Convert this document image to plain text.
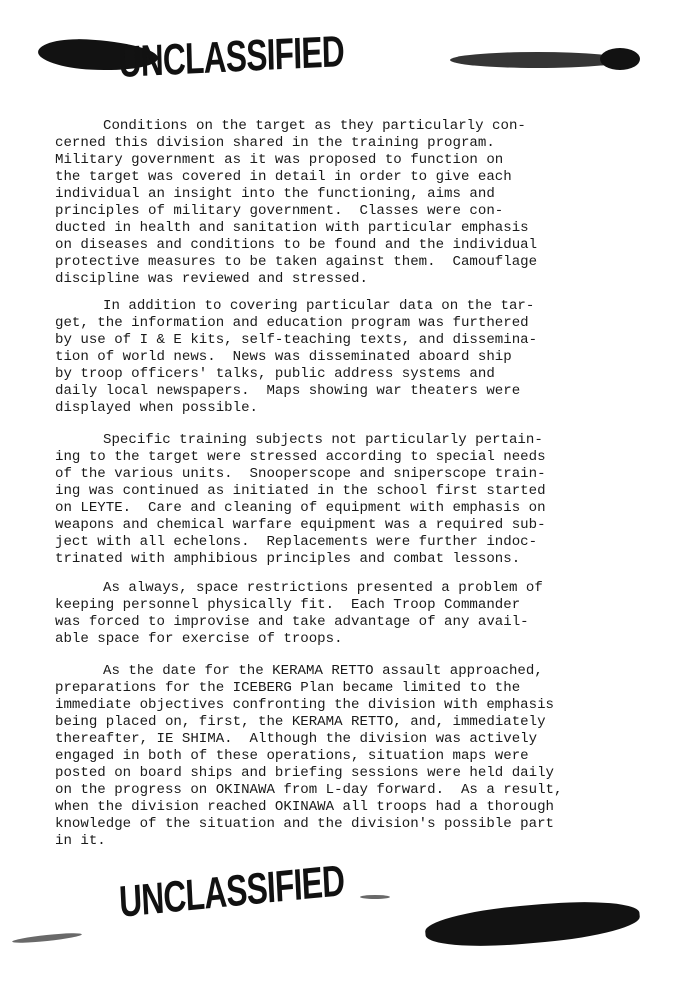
UNCLASSIFIED
Conditions on the target as they particularly con-
cerned this division shared in the training program.
Military government as it was proposed to function on
the target was covered in detail in order to give each
individual an insight into the functioning, aims and
principles of military government.  Classes were con-
ducted in health and sanitation with particular emphasis
on diseases and conditions to be found and the individual
protective measures to be taken against them.  Camouflage
discipline was reviewed and stressed.
In addition to covering particular data on the tar-
get, the information and education program was furthered
by use of I & E kits, self-teaching texts, and dissemina-
tion of world news.  News was disseminated aboard ship
by troop officers' talks, public address systems and
daily local newspapers.  Maps showing war theaters were
displayed when possible.
Specific training subjects not particularly pertain-
ing to the target were stressed according to special needs
of the various units.  Snooperscope and sniperscope train-
ing was continued as initiated in the school first started
on LEYTE.  Care and cleaning of equipment with emphasis on
weapons and chemical warfare equipment was a required sub-
ject with all echelons.  Replacements were further indoc-
trinated with amphibious principles and combat lessons.
As always, space restrictions presented a problem of
keeping personnel physically fit.  Each Troop Commander
was forced to improvise and take advantage of any avail-
able space for exercise of troops.
As the date for the KERAMA RETTO assault approached,
preparations for the ICEBERG Plan became limited to the
immediate objectives confronting the division with emphasis
being placed on, first, the KERAMA RETTO, and, immediately
thereafter, IE SHIMA.  Although the division was actively
engaged in both of these operations, situation maps were
posted on board ships and briefing sessions were held daily
on the progress on OKINAWA from L-day forward.  As a result,
when the division reached OKINAWA all troops had a thorough
knowledge of the situation and the division's possible part
in it.
UNCLASSIFIED
